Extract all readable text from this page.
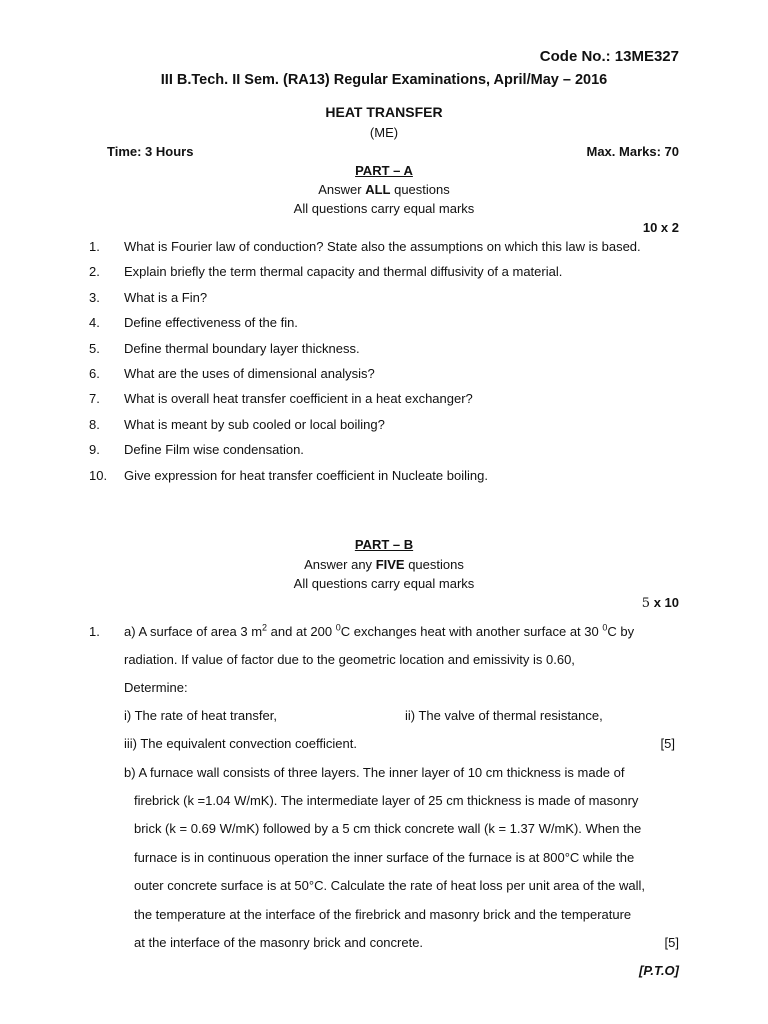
Code No.: 13ME327
III B.Tech. II Sem. (RA13) Regular Examinations, April/May – 2016
HEAT TRANSFER
(ME)
Time: 3 Hours	Max. Marks: 70
PART – A
Answer ALL questions
All questions carry equal marks
10 x 2
1. What is Fourier law of conduction? State also the assumptions on which this law is based.
2. Explain briefly the term thermal capacity and thermal diffusivity of a material.
3. What is a Fin?
4. Define effectiveness of the fin.
5. Define thermal boundary layer thickness.
6. What are the uses of dimensional analysis?
7. What is overall heat transfer coefficient in a heat exchanger?
8. What is meant by sub cooled or local boiling?
9. Define Film wise condensation.
10. Give expression for heat transfer coefficient in Nucleate boiling.
PART – B
Answer any FIVE questions
All questions carry equal marks
5 x 10
1. a) A surface of area 3 $m^2$ and at 200 $^0$C exchanges heat with another surface at 30 $^0$C by
radiation. If value of factor due to the geometric location and emissivity is 0.60,
Determine:
i) The rate of heat transfer,	ii) The valve of thermal resistance,
iii) The equivalent convection coefficient.	[5]
b) A furnace wall consists of three layers. The inner layer of 10 cm thickness is made of
firebrick (k =1.04 W/mK). The intermediate layer of 25 cm thickness is made of masonry
brick (k = 0.69 W/mK) followed by a 5 cm thick concrete wall (k = 1.37 W/mK). When the
furnace is in continuous operation the inner surface of the furnace is at 800°C while the
outer concrete surface is at 50°C. Calculate the rate of heat loss per unit area of the wall,
the temperature at the interface of the firebrick and masonry brick and the temperature
at the interface of the masonry brick and concrete.	[5]
[P.T.O]
